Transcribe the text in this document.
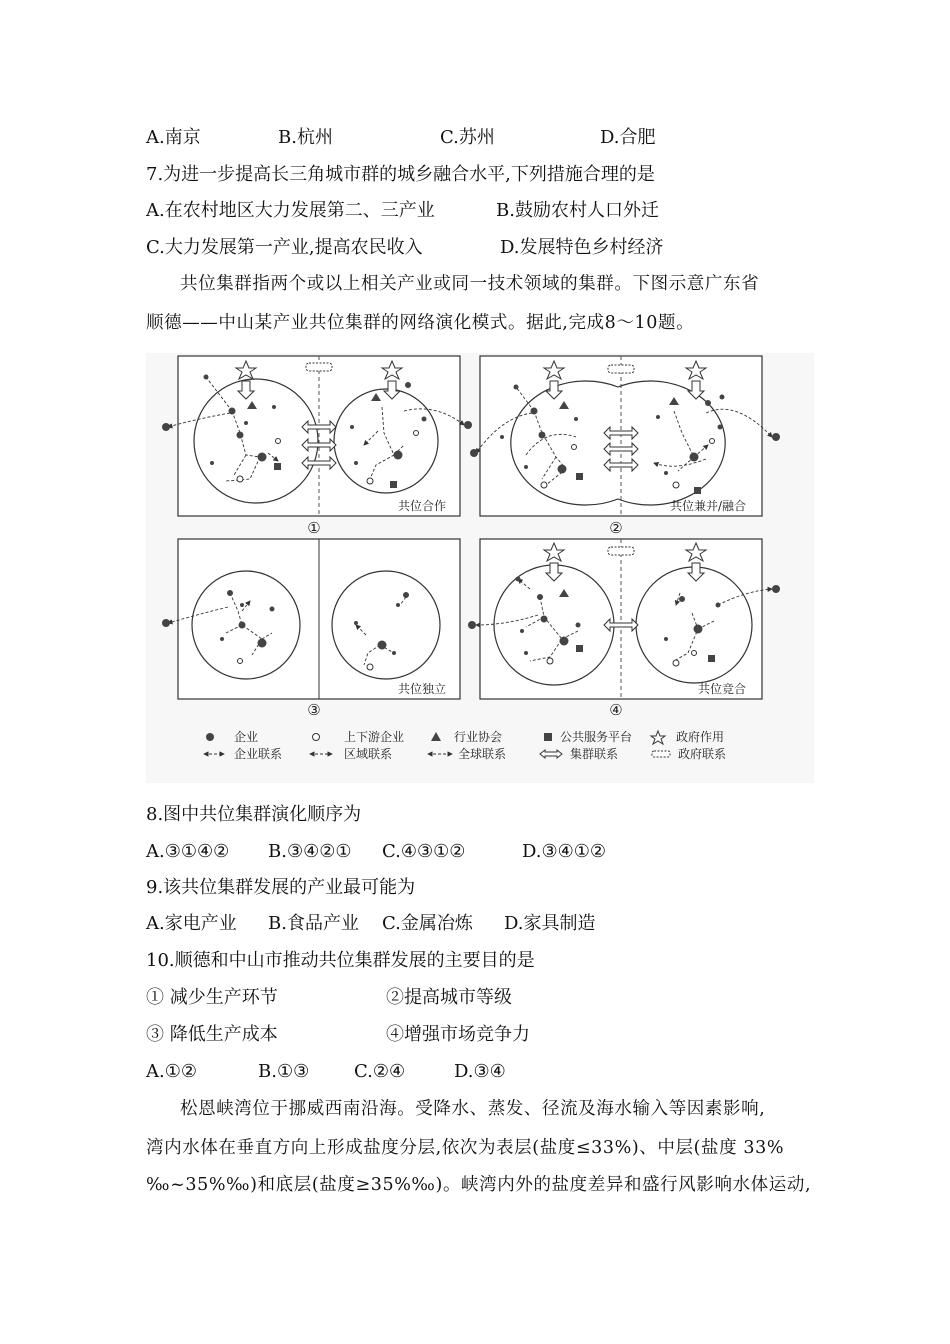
A.南京	B.杭州	C.苏州	D.合肥
7.为进一步提高长三角城市群的城乡融合水平,下列措施合理的是
A.在农村地区大力发展第二、三产业	B.鼓励农村人口外迁
C.大力发展第一产业,提高农民收入	D.发展特色乡村经济
共位集群指两个或以上相关产业或同一技术领域的集群。下图示意广东省
顺德——中山某产业共位集群的网络演化模式。据此,完成8～10题。
共位合作
①
共位兼并/融合
②
共位独立
③
共位竞合
④
企业	上下游企业	行业协会	公共服务平台	政府作用
企业联系	区域联系	全球联系	集群联系	政府联系
8.图中共位集群演化顺序为
A.③①④② B.③④②① C.④③①②	D.③④①②
9.该共位集群发展的产业最可能为
A.家电产业 B.食品产业 C.金属冶炼 D.家具制造
10.顺德和中山市推动共位集群发展的主要目的是
① 减少生产环节	②提高城市等级
③ 降低生产成本	④增强市场竞争力
A.①②	B.①③ C.②④	D.③④
松恩峡湾位于挪威西南沿海。受降水、蒸发、径流及海水输入等因素影响,
湾内水体在垂直方向上形成盐度分层,依次为表层(盐度≤33%)、中层(盐度 33%
‰~35%‰)和底层(盐度≥35%‰)。峡湾内外的盐度差异和盛行风影响水体运动,
